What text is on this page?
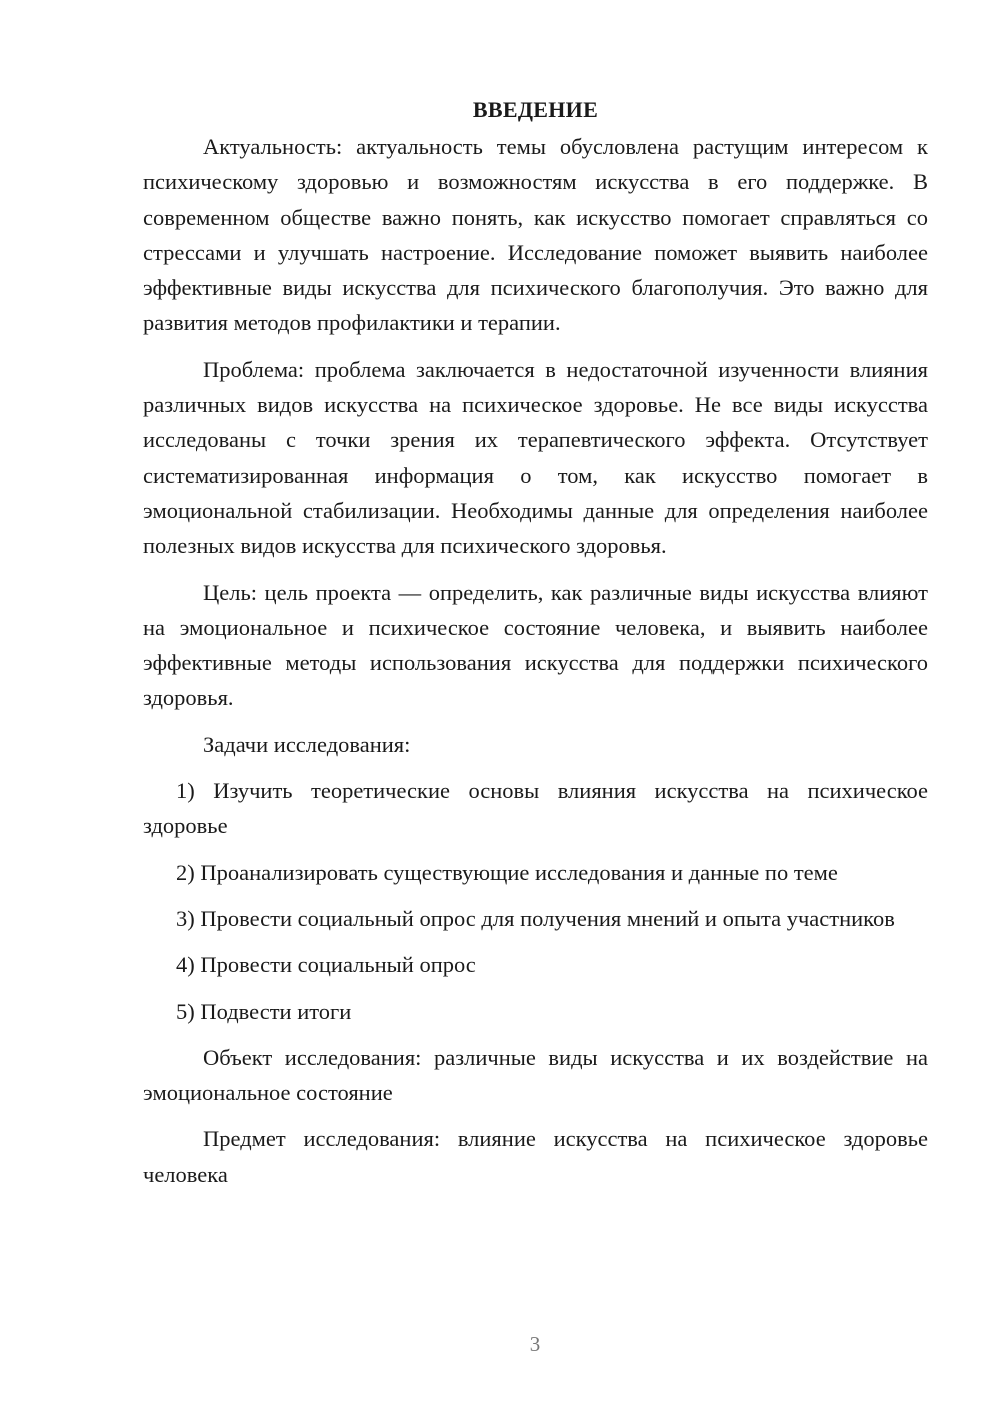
ВВЕДЕНИЕ

Актуальность: актуальность темы обусловлена растущим интересом к психическому здоровью и возможностям искусства в его поддержке. В современном обществе важно понять, как искусство помогает справляться со стрессами и улучшать настроение. Исследование поможет выявить наиболее эффективные виды искусства для психического благополучия. Это важно для развития методов профилактики и терапии.

Проблема: проблема заключается в недостаточной изученности влияния различных видов искусства на психическое здоровье. Не все виды искусства исследованы с точки зрения их терапевтического эффекта. Отсутствует систематизированная информация о том, как искусство помогает в эмоциональной стабилизации. Необходимы данные для определения наиболее полезных видов искусства для психического здоровья.

Цель: цель проекта — определить, как различные виды искусства влияют на эмоциональное и психическое состояние человека, и выявить наиболее эффективные методы использования искусства для поддержки психического здоровья.

Задачи исследования:

1) Изучить теоретические основы влияния искусства на психическое здоровье

2) Проанализировать существующие исследования и данные по теме

3) Провести социальный опрос для получения мнений и опыта участников

4) Провести социальный опрос

5) Подвести итоги

Объект исследования: различные виды искусства и их воздействие на эмоциональное состояние

Предмет исследования: влияние искусства на психическое здоровье человека

3
